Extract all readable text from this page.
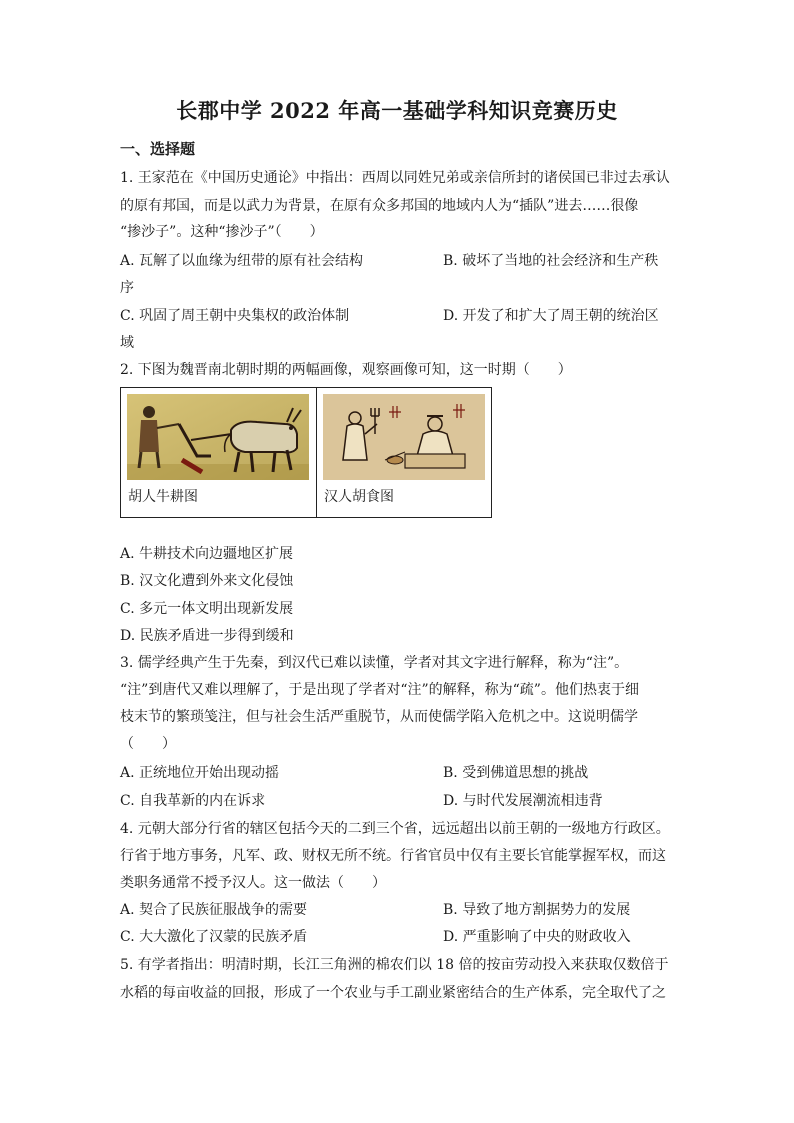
长郡中学 2022 年高一基础学科知识竞赛历史
一、选择题
1. 王家范在《中国历史通论》中指出：西周以同姓兄弟或亲信所封的诸侯国已非过去承认
的原有邦国，而是以武力为背景，在原有众多邦国的地域内人为“插队”进去……很像
“掺沙子”。这种“掺沙子”（　　）
A. 瓦解了以血缘为纽带的原有社会结构	B. 破坏了当地的社会经济和生产秩
序
C. 巩固了周王朝中央集权的政治体制	D. 开发了和扩大了周王朝的统治区
域
2. 下图为魏晋南北朝时期的两幅画像，观察画像可知，这一时期（　　）
胡人牛耕图	汉人胡食图
A. 牛耕技术向边疆地区扩展
B. 汉文化遭到外来文化侵蚀
C. 多元一体文明出现新发展
D. 民族矛盾进一步得到缓和
3. 儒学经典产生于先秦，到汉代已难以读懂，学者对其文字进行解释，称为“注”。
“注”到唐代又难以理解了，于是出现了学者对“注”的解释，称为“疏”。他们热衷于细
枝末节的繁琐笺注，但与社会生活严重脱节，从而使儒学陷入危机之中。这说明儒学
（　　）
A. 正统地位开始出现动摇	B. 受到佛道思想的挑战
C. 自我革新的内在诉求	D. 与时代发展潮流相违背
4. 元朝大部分行省的辖区包括今天的二到三个省，远远超出以前王朝的一级地方行政区。
行省于地方事务，凡军、政、财权无所不统。行省官员中仅有主要长官能掌握军权，而这
类职务通常不授予汉人。这一做法（　　）
A. 契合了民族征服战争的需要	B. 导致了地方割据势力的发展
C. 大大激化了汉蒙的民族矛盾	D. 严重影响了中央的财政收入
5. 有学者指出：明清时期，长江三角洲的棉农们以 18 倍的按亩劳动投入来获取仅数倍于
水稻的每亩收益的回报，形成了一个农业与手工副业紧密结合的生产体系，完全取代了之
